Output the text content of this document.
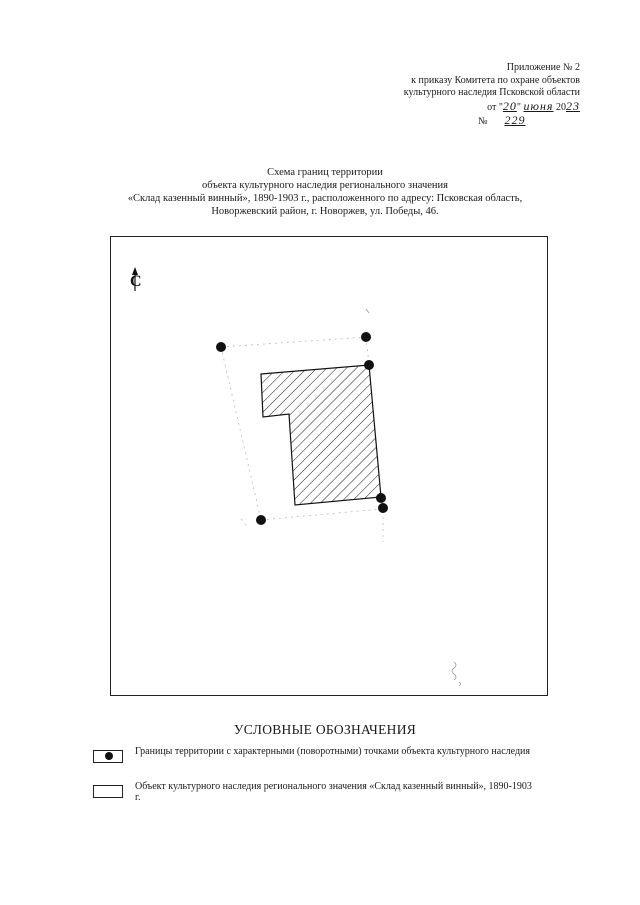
Приложение № 2
к приказу Комитета по охране объектов
культурного наследия Псковской области
от "20" июня 2023
№ 229
Схема границ территории
объекта культурного наследия регионального значения
«Склад казенный винный», 1890-1903 г., расположенного по адресу: Псковская область,
Новоржевский район, г. Новоржев, ул. Победы, 46.
С
УСЛОВНЫЕ ОБОЗНАЧЕНИЯ
Границы территории с характерными (поворотными) точками объекта культурного наследия
Объект культурного наследия регионального значения «Склад казенный винный», 1890-1903 г.
